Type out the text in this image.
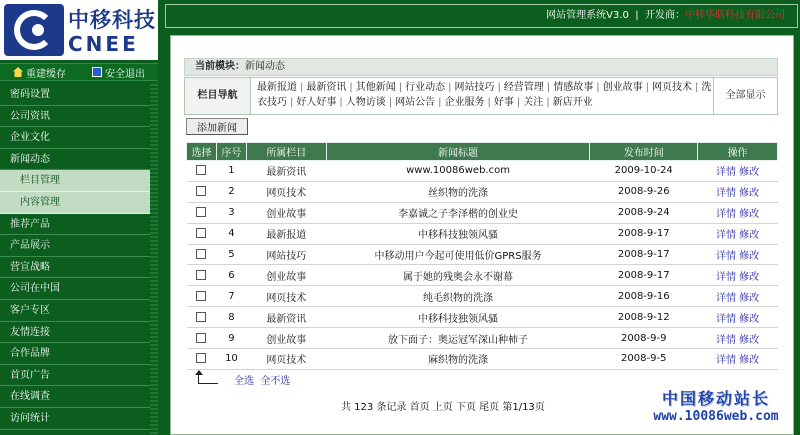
中移科技
CNEE
重建缓存	安全退出
密码设置
公司资讯
企业文化
新闻动态
栏目管理
内容管理
推荐产品
产品展示
营宣战略
公司在中国
客户专区
友情连接
合作品牌
首页广告
在线调查
访问统计
网站管理系统V3.0 | 开发商：中移华联科技有限公司
当前模块：新闻动态
栏目导航
最新报道 | 最新资讯 | 其他新闻 | 行业动态 | 网站技巧 | 经营管理 | 情感故事 | 创业故事 | 网页技术 | 洗衣技巧 | 好人好事 | 人物访谈 | 网站公告 | 企业服务 | 好事 | 关注 | 新店开业
全部显示
添加新闻
选择	序号	所属栏目	新闻标题	发布时间	操作
	1	最新资讯	www.10086web.com	2009-10-24	详情 修改
	2	网页技术	丝织物的洗涤	2008-9-26	详情 修改
	3	创业故事	李嘉诚之子李泽楷的创业史	2008-9-24	详情 修改
	4	最新报道	中移科技独领风骚	2008-9-17	详情 修改
	5	网站技巧	中移动用户今起可使用低价GPRS服务	2008-9-17	详情 修改
	6	创业故事	属于她的残奥会永不谢幕	2008-9-17	详情 修改
	7	网页技术	纯毛织物的洗涤	2008-9-16	详情 修改
	8	最新资讯	中移科技独领风骚	2008-9-12	详情 修改
	9	创业故事	放下面子：奥运冠军深山种柿子	2008-9-9	详情 修改
	10	网页技术	麻织物的洗涤	2008-9-5	详情 修改
全选 全不选
共 123 条记录 首页 上页 下页 尾页 第1/13页	中国移动站长
www.10086web.com
